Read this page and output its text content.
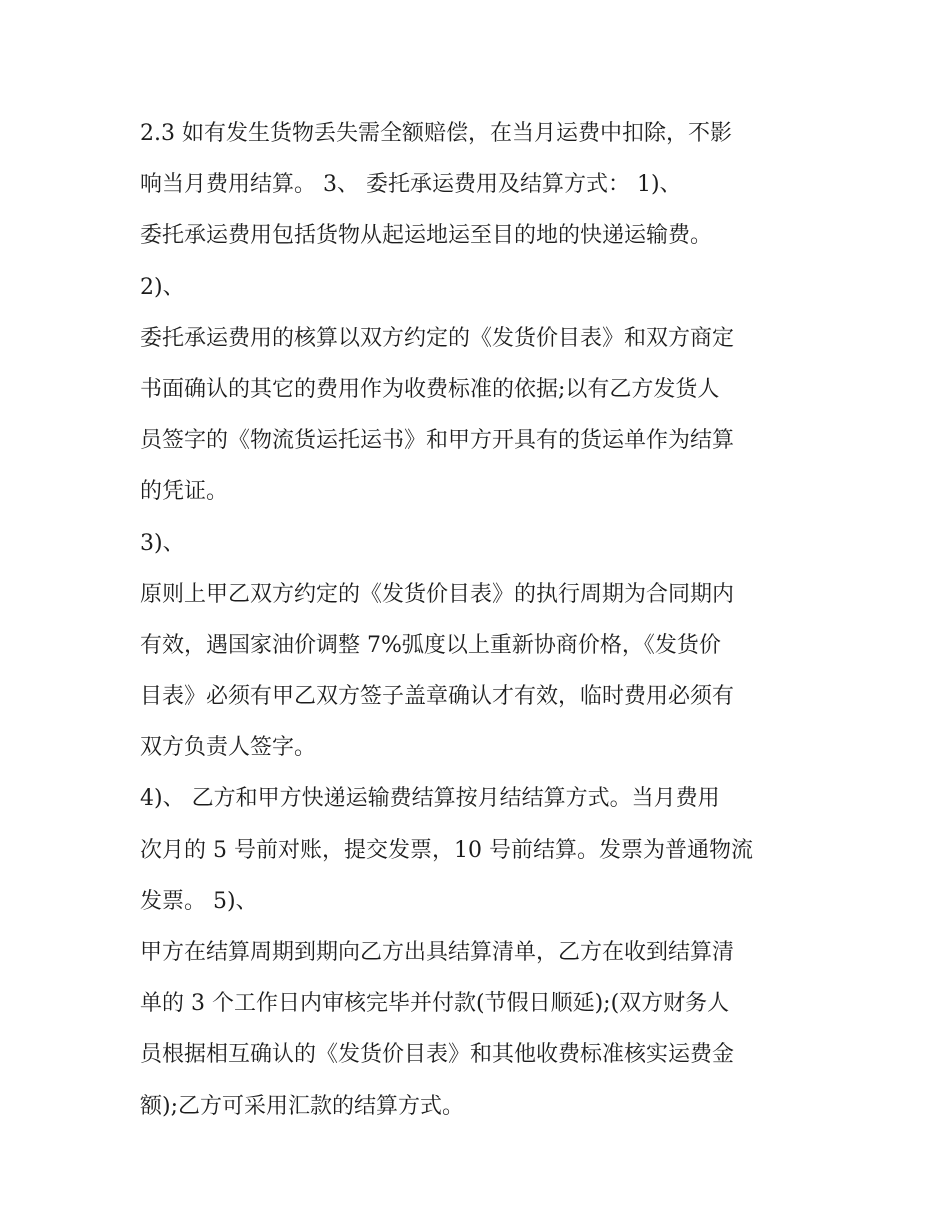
2.3 如有发生货物丢失需全额赔偿，在当月运费中扣除，不影
响当月费用结算。 3、 委托承运费用及结算方式： 1)、
委托承运费用包括货物从起运地运至目的地的快递运输费。
2)、
委托承运费用的核算以双方约定的《发货价目表》和双方商定
书面确认的其它的费用作为收费标准的依据;以有乙方发货人
员签字的《物流货运托运书》和甲方开具有的货运单作为结算
的凭证。
3)、
原则上甲乙双方约定的《发货价目表》的执行周期为合同期内
有效，遇国家油价调整 7%弧度以上重新协商价格，《发货价
目表》必须有甲乙双方签子盖章确认才有效，临时费用必须有
双方负责人签字。
4)、 乙方和甲方快递运输费结算按月结结算方式。当月费用
次月的 5 号前对账，提交发票，10 号前结算。发票为普通物流
发票。 5)、
甲方在结算周期到期向乙方出具结算清单，乙方在收到结算清
单的 3 个工作日内审核完毕并付款(节假日顺延);(双方财务人
员根据相互确认的《发货价目表》和其他收费标准核实运费金
额);乙方可采用汇款的结算方式。
